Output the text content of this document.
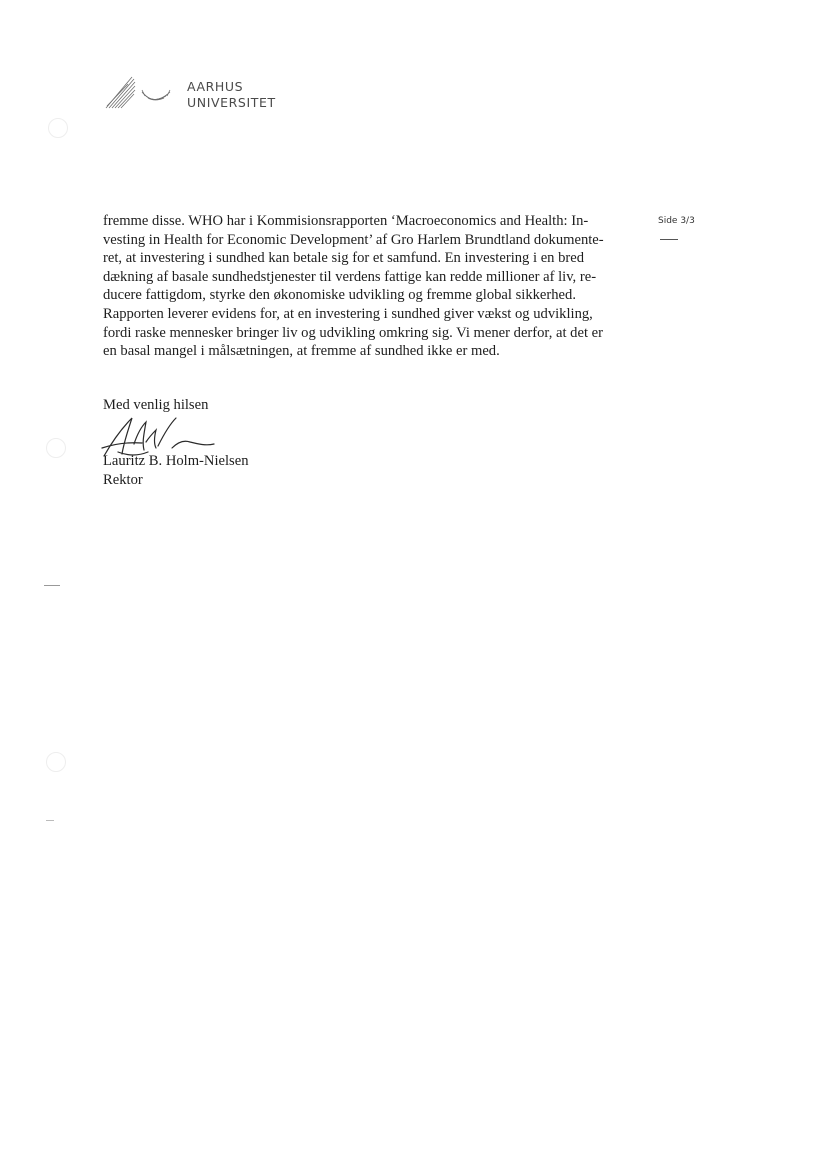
AARHUS
UNIVERSITET
Side 3/3

fremme disse. WHO har i Kommisionsrapporten ‘Macroeconomics and Health: In-
vesting in Health for Economic Development’ af Gro Harlem Brundtland dokumente-
ret, at investering i sundhed kan betale sig for et samfund. En investering i en bred
dækning af basale sundhedstjenester til verdens fattige kan redde millioner af liv, re-
ducere fattigdom, styrke den økonomiske udvikling og fremme global sikkerhed.
Rapporten leverer evidens for, at en investering i sundhed giver vækst og udvikling,
fordi raske mennesker bringer liv og udvikling omkring sig. Vi mener derfor, at det er
en basal mangel i målsætningen, at fremme af sundhed ikke er med.

Med venlig hilsen
Lauritz B. Holm-Nielsen
Rektor
